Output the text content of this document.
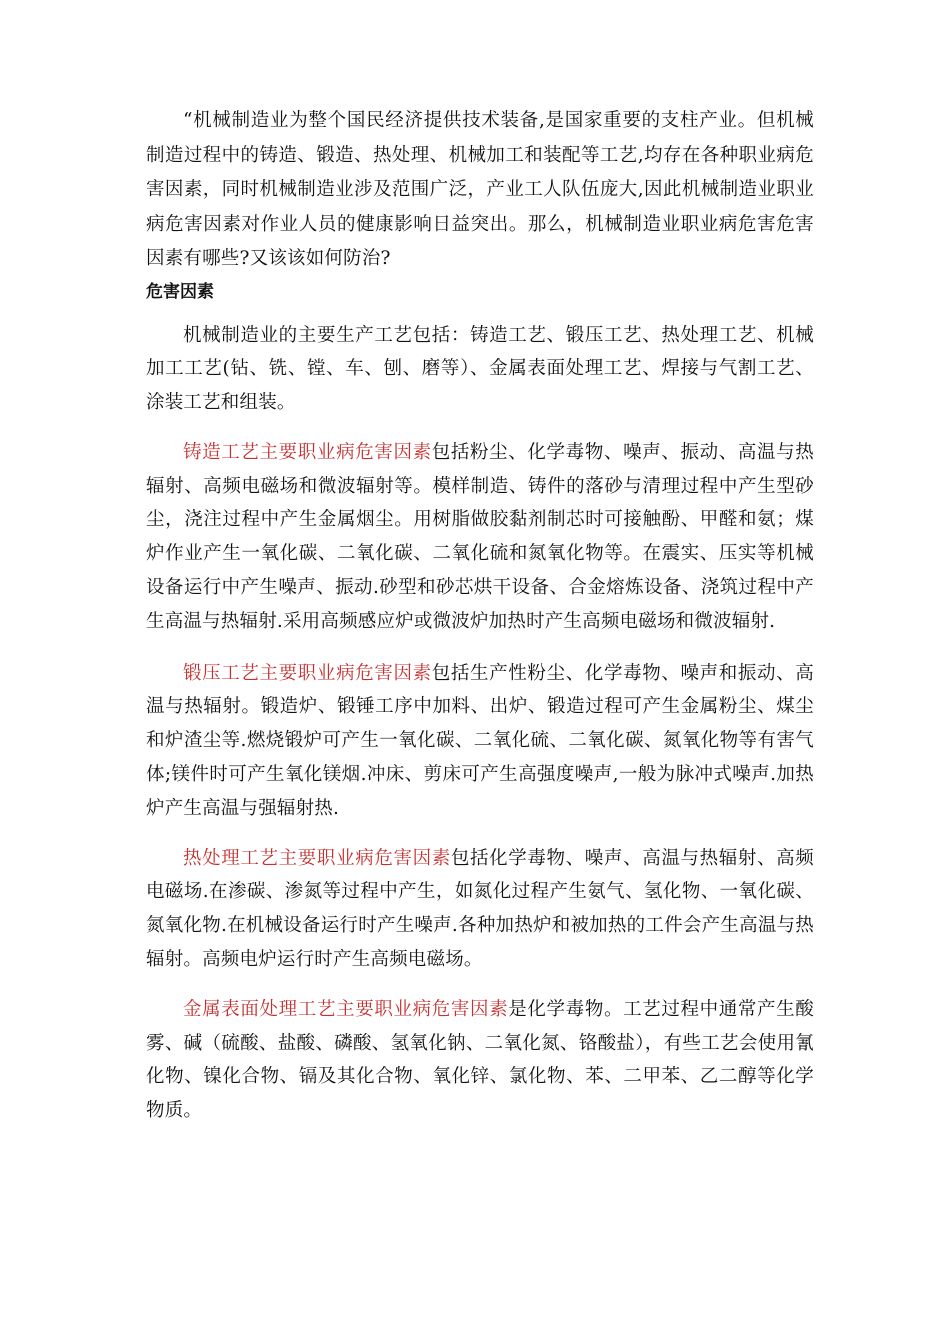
“机械制造业为整个国民经济提供技术装备,是国家重要的支柱产业。但机械制造过程中的铸造、锻造、热处理、机械加工和装配等工艺,均存在各种职业病危害因素，同时机械制造业涉及范围广泛，产业工人队伍庞大,因此机械制造业职业病危害因素对作业人员的健康影响日益突出。那么，机械制造业职业病危害危害因素有哪些?又该该如何防治?

危害因素

机械制造业的主要生产工艺包括：铸造工艺、锻压工艺、热处理工艺、机械加工工艺(钻、铣、镗、车、刨、磨等）、金属表面处理工艺、焊接与气割工艺、涂装工艺和组装。

铸造工艺主要职业病危害因素包括粉尘、化学毒物、噪声、振动、高温与热辐射、高频电磁场和微波辐射等。模样制造、铸件的落砂与清理过程中产生型砂尘，浇注过程中产生金属烟尘。用树脂做胶黏剂制芯时可接触酚、甲醛和氨；煤炉作业产生一氧化碳、二氧化碳、二氧化硫和氮氧化物等。在震实、压实等机械设备运行中产生噪声、振动.砂型和砂芯烘干设备、合金熔炼设备、浇筑过程中产生高温与热辐射.采用高频感应炉或微波炉加热时产生高频电磁场和微波辐射.

锻压工艺主要职业病危害因素包括生产性粉尘、化学毒物、噪声和振动、高温与热辐射。锻造炉、锻锤工序中加料、出炉、锻造过程可产生金属粉尘、煤尘和炉渣尘等.燃烧锻炉可产生一氧化碳、二氧化硫、二氧化碳、氮氧化物等有害气体;镁件时可产生氧化镁烟.冲床、剪床可产生高强度噪声,一般为脉冲式噪声.加热炉产生高温与强辐射热.

热处理工艺主要职业病危害因素包括化学毒物、噪声、高温与热辐射、高频电磁场.在渗碳、渗氮等过程中产生，如氮化过程产生氨气、氢化物、一氧化碳、氮氧化物.在机械设备运行时产生噪声.各种加热炉和被加热的工件会产生高温与热辐射。高频电炉运行时产生高频电磁场。

金属表面处理工艺主要职业病危害因素是化学毒物。工艺过程中通常产生酸雾、碱（硫酸、盐酸、磷酸、氢氧化钠、二氧化氮、铬酸盐），有些工艺会使用氰化物、镍化合物、镉及其化合物、氧化锌、氯化物、苯、二甲苯、乙二醇等化学物质。
